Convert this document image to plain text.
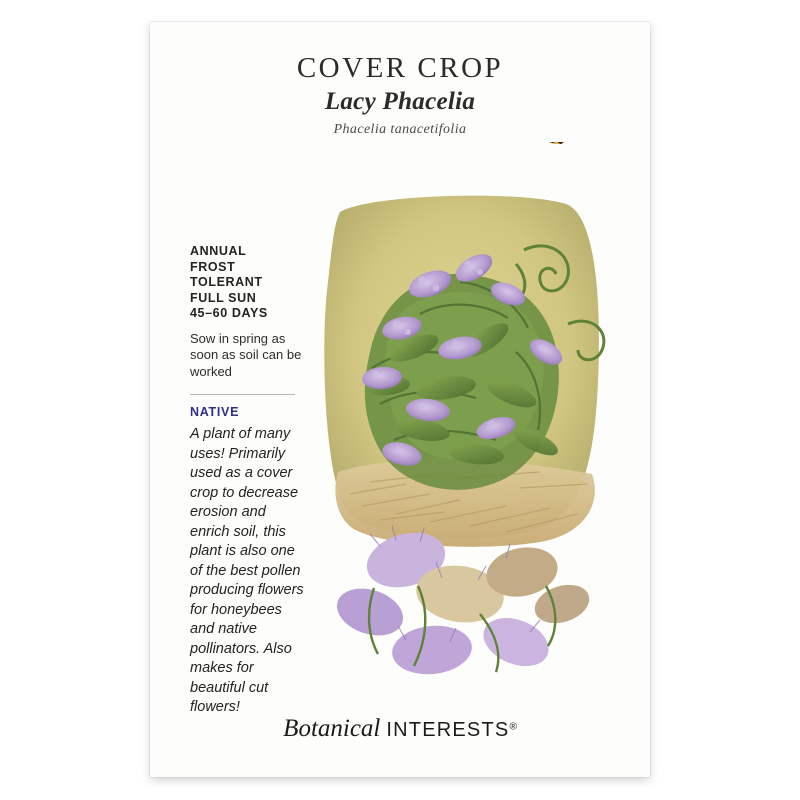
COVER CROP
Lacy Phacelia
Phacelia tanacetifolia
ANNUAL
FROST TOLERANT
FULL SUN
45–60 DAYS
Sow in spring as soon as soil can be worked
NATIVE
A plant of many uses! Primarily used as a cover crop to decrease erosion and enrich soil, this plant is also one of the best pollen producing flowers for honeybees and native pollinators. Also makes for beautiful cut flowers!
Botanical INTERESTS®
